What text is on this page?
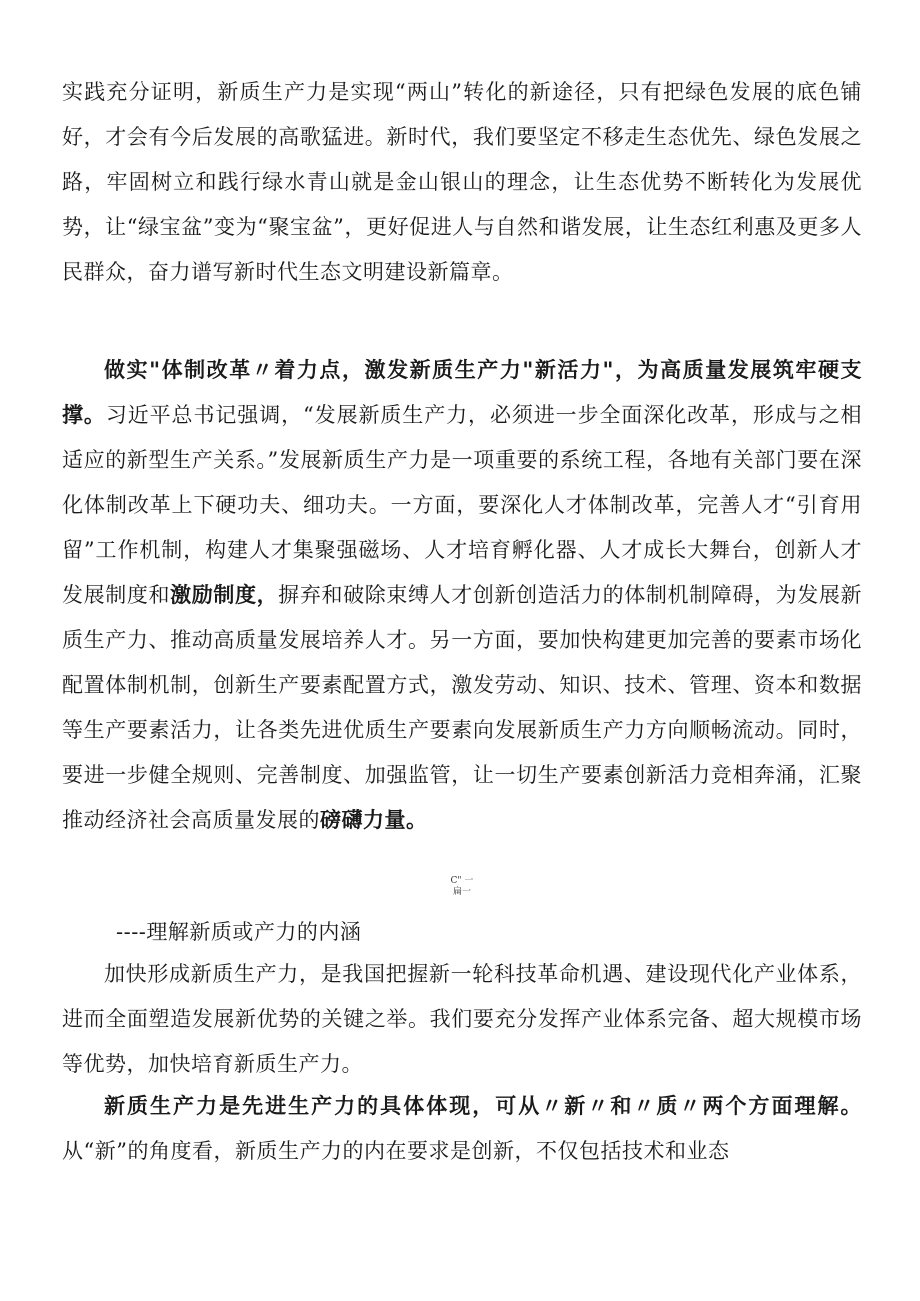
实践充分证明，新质生产力是实现“两山”转化的新途径，只有把绿色发展的底色铺好，才会有今后发展的高歌猛进。新时代，我们要坚定不移走生态优先、绿色发展之路，牢固树立和践行绿水青山就是金山银山的理念，让生态优势不断转化为发展优势，让“绿宝盆”变为“聚宝盆”，更好促进人与自然和谐发展，让生态红利惠及更多人民群众，奋力谱写新时代生态文明建设新篇章。

做实"体制改革〃着力点，激发新质生产力"新活力"，为高质量发展筑牢硬支撑。习近平总书记强调，“发展新质生产力，必须进一步全面深化改革，形成与之相适应的新型生产关系。”发展新质生产力是一项重要的系统工程，各地有关部门要在深化体制改革上下硬功夫、细功夫。一方面，要深化人才体制改革，完善人才“引育用留”工作机制，构建人才集聚强磁场、人才培育孵化器、人才成长大舞台，创新人才发展制度和激励制度，摒弃和破除束缚人才创新创造活力的体制机制障碍，为发展新质生产力、推动高质量发展培养人才。另一方面，要加快构建更加完善的要素市场化配置体制机制，创新生产要素配置方式，激发劳动、知识、技术、管理、资本和数据等生产要素活力，让各类先进优质生产要素向发展新质生产力方向顺畅流动。同时，要进一步健全规则、完善制度、加强监管，让一切生产要素创新活力竞相奔涌，汇聚推动经济社会高质量发展的磅礴力量。

C" 一
扁一
----理解新质或产力的内涵

加快形成新质生产力，是我国把握新一轮科技革命机遇、建设现代化产业体系，进而全面塑造发展新优势的关键之举。我们要充分发挥产业体系完备、超大规模市场等优势，加快培育新质生产力。

新质生产力是先进生产力的具体体现，可从〃新〃和〃质〃两个方面理解。从“新”的角度看，新质生产力的内在要求是创新，不仅包括技术和业态
